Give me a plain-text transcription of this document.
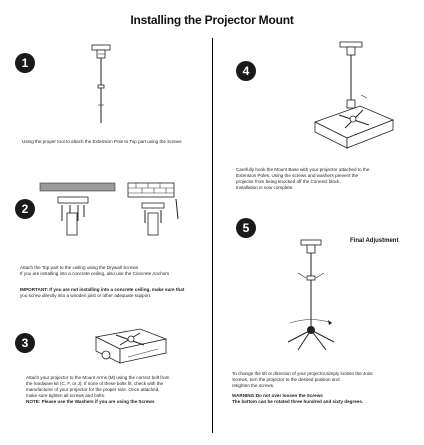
Installing the Projector Mount
1
Using the proper tool to attach the Extension Pole to Top part using the screws
2
Attach the Top part to the ceiling using the Drywall Screws
If you are installing into a concrete ceiling, also use the Concrete Anchors
IMPORTANT: If you are not installing into a concrete ceiling, make sure that
you screw directly into a wooden joist or other adequate support.
3
Attach your projector to the Mount Arms (M) using the correct bolt from
the hardware kit (C, F, or J). If none of these bolts fit, check with the
manufacturer of your projector for the proper size. Once attached,
make sure tighten all screws and bolts.
NOTE: Please use the Washers if you are using the Screws
4
Carefully hook the Mount Base with your projector attached to the
Extension Poles. Using the screws and washers prevent the
projector from being knocked off the Connect block.
Installation is now complete.
5
Final Adjustment
To change the tilt or direction of your projector,simply loosen the Joint
Screws, turn the projector to the desired position and
retighten the screws.
WARNING:Do not over loosen the Screws
The bottom can be rotated three hundred and sixty degrees.
